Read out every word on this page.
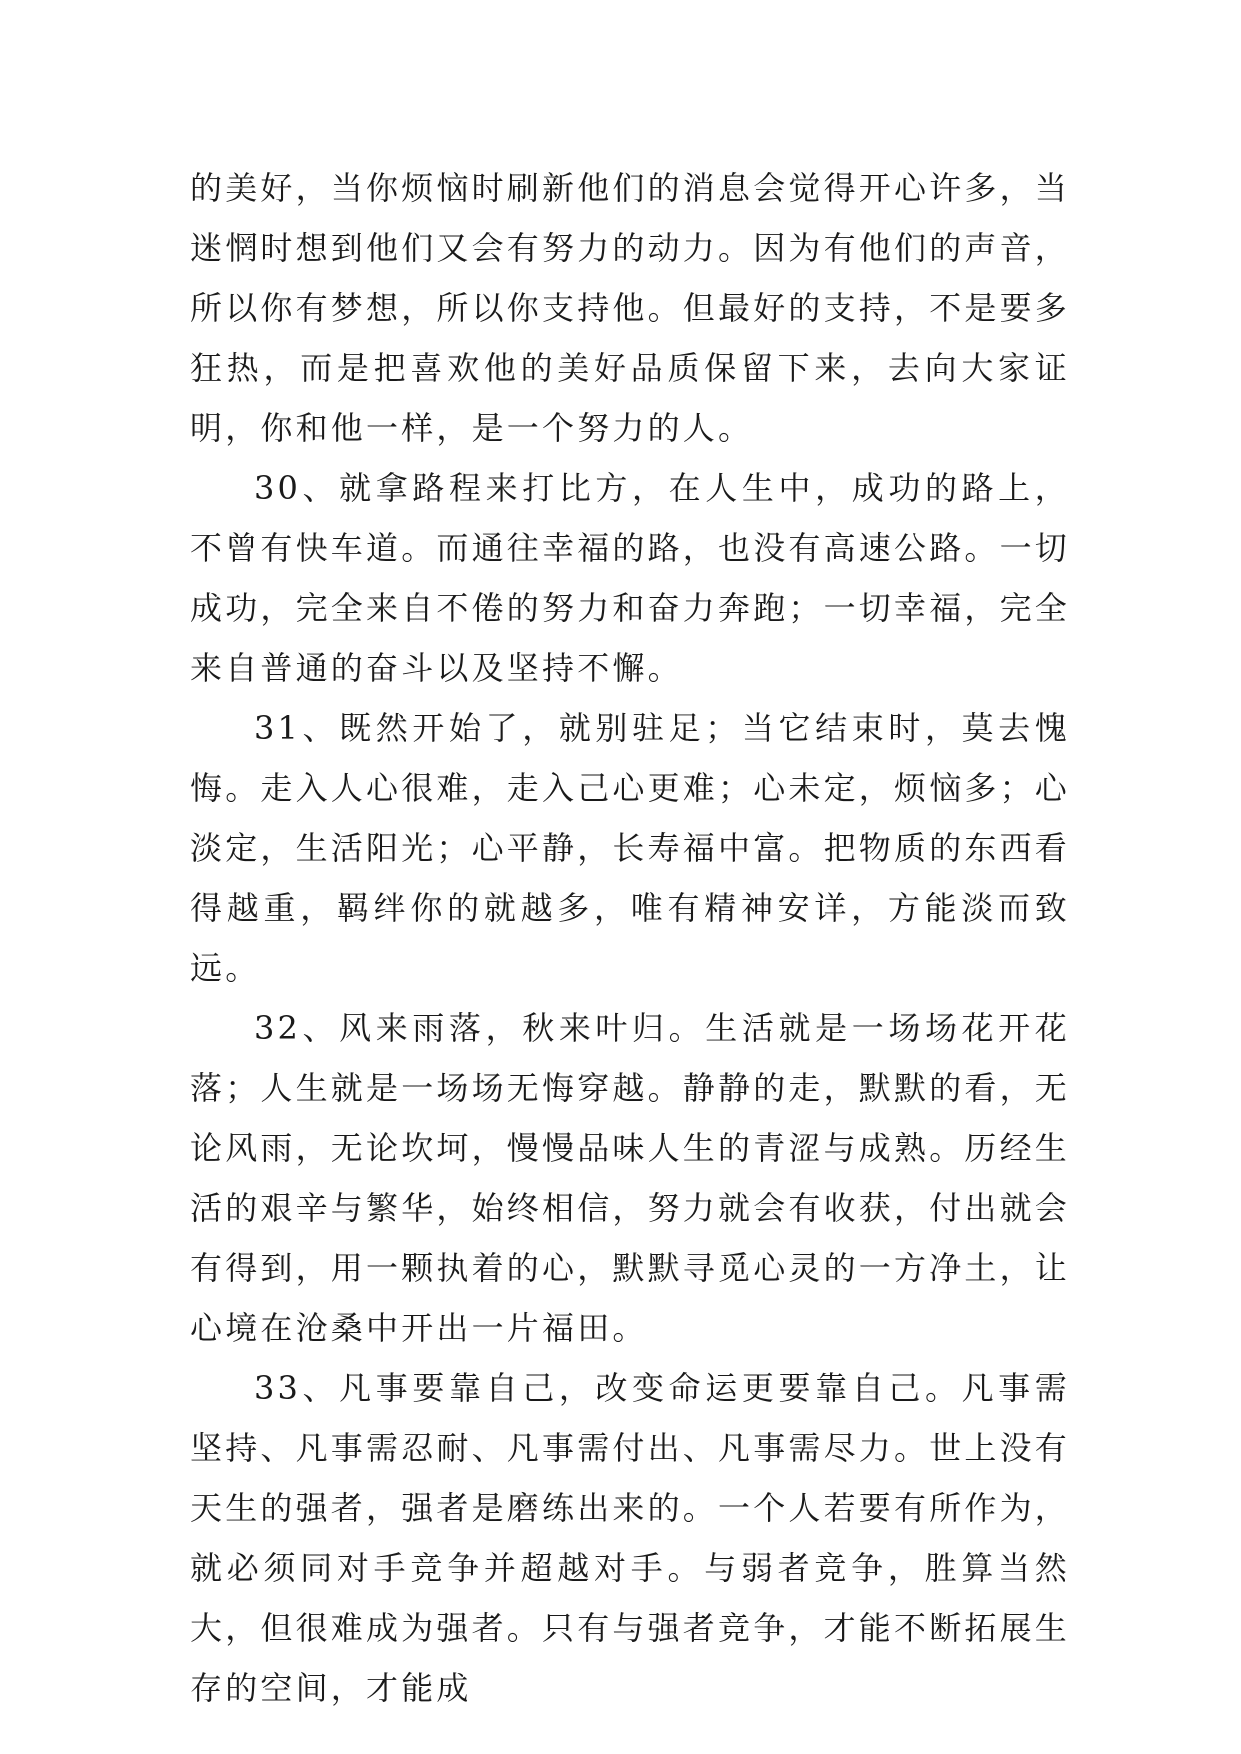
的美好，当你烦恼时刷新他们的消息会觉得开心许多，当迷惘时想到他们又会有努力的动力。因为有他们的声音，所以你有梦想，所以你支持他。但最好的支持，不是要多狂热，而是把喜欢他的美好品质保留下来，去向大家证明，你和他一样，是一个努力的人。

30、就拿路程来打比方，在人生中，成功的路上，不曾有快车道。而通往幸福的路，也没有高速公路。一切成功，完全来自不倦的努力和奋力奔跑；一切幸福，完全来自普通的奋斗以及坚持不懈。

31、既然开始了，就别驻足；当它结束时，莫去愧悔。走入人心很难，走入己心更难；心未定，烦恼多；心淡定，生活阳光；心平静，长寿福中富。把物质的东西看得越重，羁绊你的就越多，唯有精神安详，方能淡而致远。

32、风来雨落，秋来叶归。生活就是一场场花开花落；人生就是一场场无悔穿越。静静的走，默默的看，无论风雨，无论坎坷，慢慢品味人生的青涩与成熟。历经生活的艰辛与繁华，始终相信，努力就会有收获，付出就会有得到，用一颗执着的心，默默寻觅心灵的一方净土，让心境在沧桑中开出一片福田。

33、凡事要靠自己，改变命运更要靠自己。凡事需坚持、凡事需忍耐、凡事需付出、凡事需尽力。世上没有天生的强者，强者是磨练出来的。一个人若要有所作为，就必须同对手竞争并超越对手。与弱者竞争，胜算当然大，但很难成为强者。只有与强者竞争，才能不断拓展生存的空间，才能成
